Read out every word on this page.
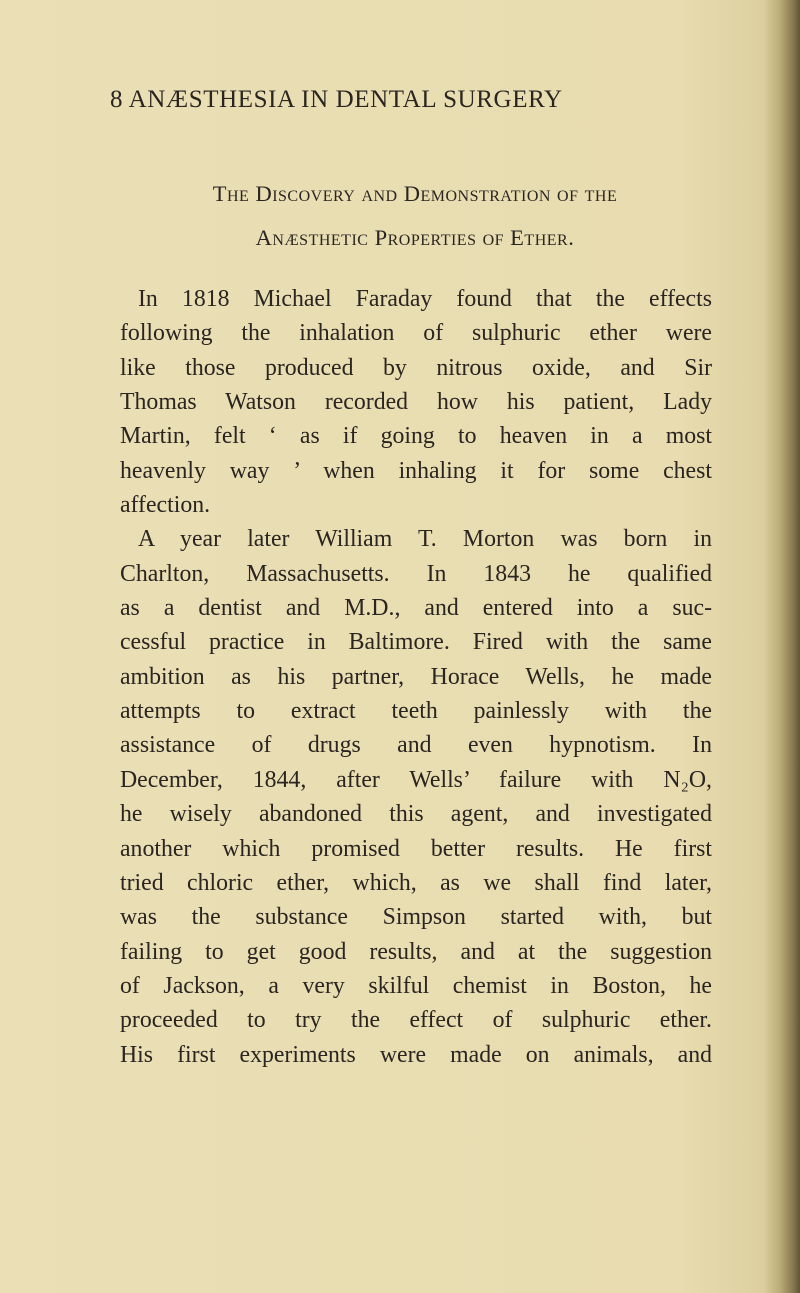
8 ANÆSTHESIA IN DENTAL SURGERY
The Discovery and Demonstration of the
Anæsthetic Properties of Ether.
In 1818 Michael Faraday found that the effects
following the inhalation of sulphuric ether were
like those produced by nitrous oxide, and Sir
Thomas Watson recorded how his patient, Lady
Martin, felt ‘ as if going to heaven in a most
heavenly way ’ when inhaling it for some chest
affection.
A year later William T. Morton was born in
Charlton, Massachusetts. In 1843 he qualified
as a dentist and M.D., and entered into a suc-
cessful practice in Baltimore. Fired with the same
ambition as his partner, Horace Wells, he made
attempts to extract teeth painlessly with the
assistance of drugs and even hypnotism. In
December, 1844, after Wells’ failure with N₂O,
he wisely abandoned this agent, and investigated
another which promised better results. He first
tried chloric ether, which, as we shall find later,
was the substance Simpson started with, but
failing to get good results, and at the suggestion
of Jackson, a very skilful chemist in Boston, he
proceeded to try the effect of sulphuric ether.
His first experiments were made on animals, and
